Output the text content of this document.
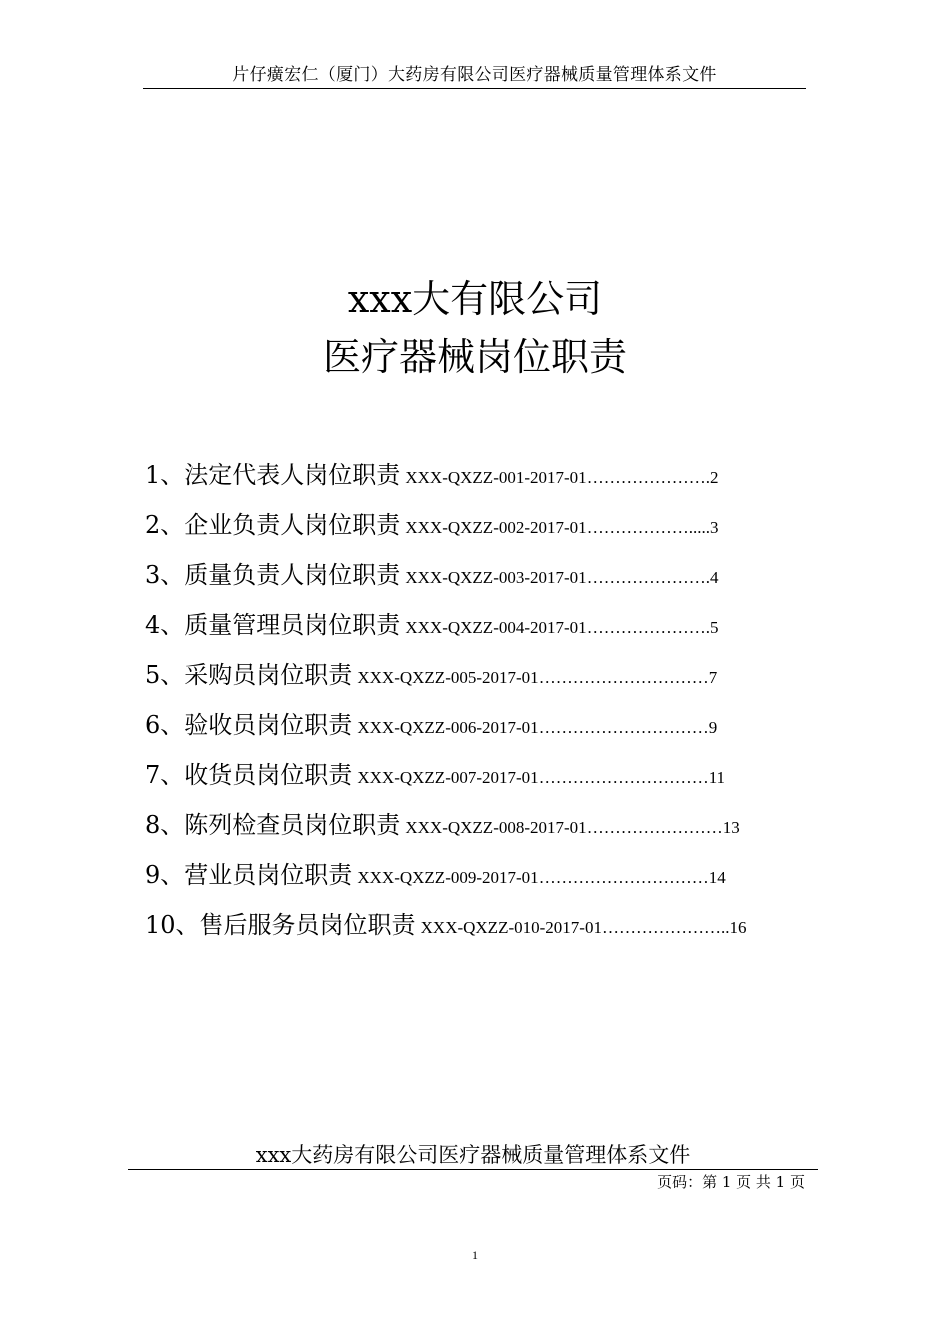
片仔癀宏仁（厦门）大药房有限公司医疗器械质量管理体系文件
xxx大有限公司
医疗器械岗位职责
1、法定代表人岗位职责 XXX-QXZZ-001-2017-01………………….2
2、企业负责人岗位职责 XXX-QXZZ-002-2017-01……………….....3
3、质量负责人岗位职责 XXX-QXZZ-003-2017-01………………….4
4、质量管理员岗位职责 XXX-QXZZ-004-2017-01………………….5
5、采购员岗位职责 XXX-QXZZ-005-2017-01…………………………7
6、验收员岗位职责 XXX-QXZZ-006-2017-01…………………………9
7、收货员岗位职责 XXX-QXZZ-007-2017-01…………………………11
8、陈列检查员岗位职责 XXX-QXZZ-008-2017-01……………………13
9、营业员岗位职责 XXX-QXZZ-009-2017-01…………………………14
10、售后服务员岗位职责 XXX-QXZZ-010-2017-01…………………..16
xxx大药房有限公司医疗器械质量管理体系文件
页码：第 1 页 共 1 页
1
